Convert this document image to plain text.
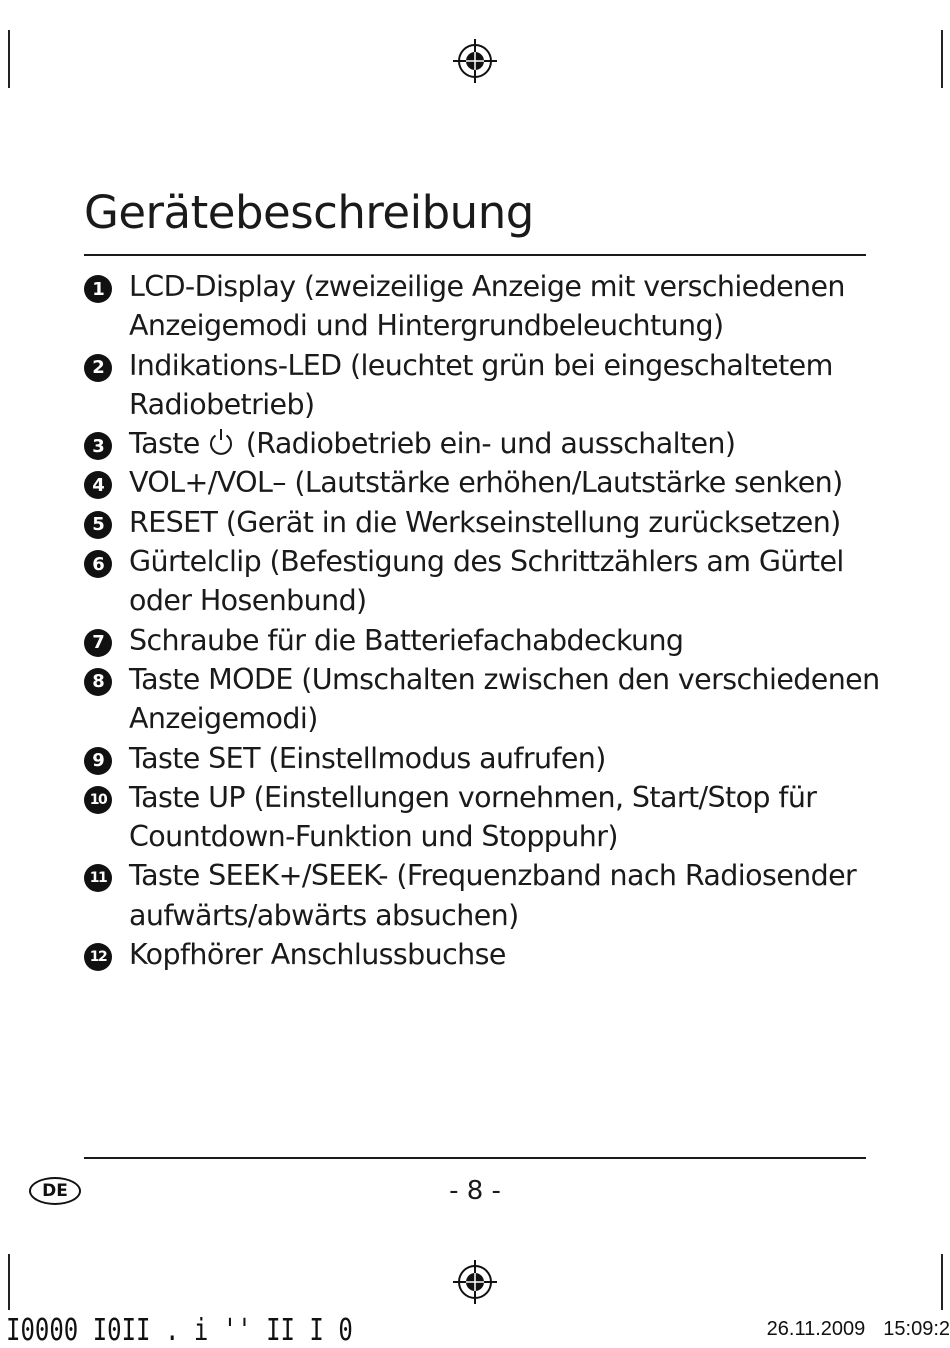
Gerätebeschreibung
1 LCD-Display (zweizeilige Anzeige mit verschiedenen
Anzeigemodi und Hintergrundbeleuchtung)
2 Indikations-LED (leuchtet grün bei eingeschaltetem
Radiobetrieb)
3 Taste (Radiobetrieb ein- und ausschalten)
4 VOL+/VOL– (Lautstärke erhöhen/Lautstärke senken)
5 RESET (Gerät in die Werkseinstellung zurücksetzen)
6 Gürtelclip (Befestigung des Schrittzählers am Gürtel
oder Hosenbund)
7 Schraube für die Batteriefachabdeckung
8 Taste MODE (Umschalten zwischen den verschiedenen
Anzeigemodi)
9 Taste SET (Einstellmodus aufrufen)
10 Taste UP (Einstellungen vornehmen, Start/Stop für
Countdown-Funktion und Stoppuhr)
11 Taste SEEK+/SEEK- (Frequenzband nach Radiosender
aufwärts/abwärts absuchen)
12 Kopfhörer Anschlussbuchse
DE	- 8 -
I0000 I0II . i '' II I 0	26.11.2009 15:09:2
